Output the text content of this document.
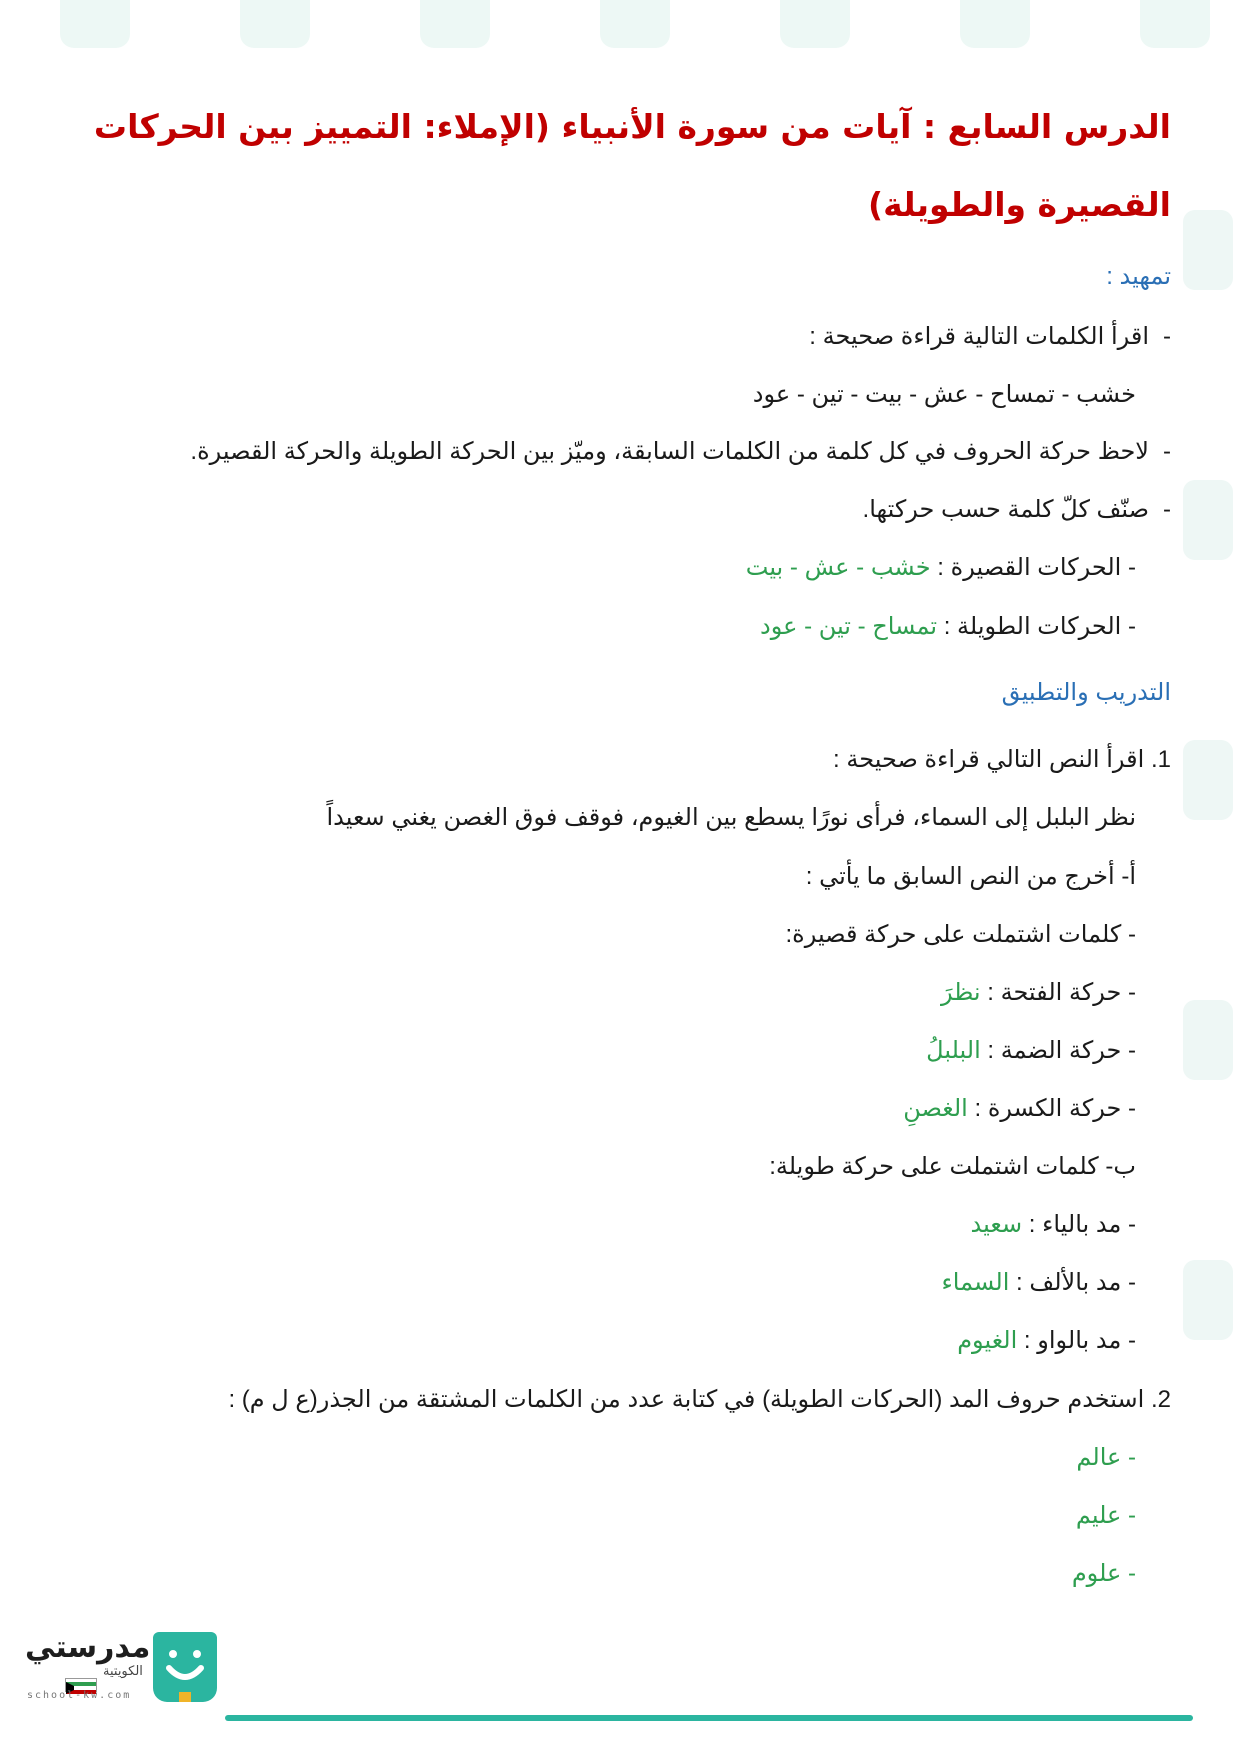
الدرس السابع : آيات من سورة الأنبياء (الإملاء: التمييز بين الحركات القصيرة والطويلة)
تمهيد :
-اقرأ الكلمات التالية قراءة صحيحة :
خشب - تمساح - عش - بيت - تين - عود
-لاحظ حركة الحروف في كل كلمة من الكلمات السابقة، وميّز بين الحركة الطويلة والحركة القصيرة.
-صنّف كلّ كلمة حسب حركتها.
- الحركات القصيرة : خشب - عش - بيت
- الحركات الطويلة : تمساح - تين - عود
التدريب والتطبيق
1. اقرأ النص التالي قراءة صحيحة :
نظر البلبل إلى السماء، فرأى نورًا يسطع بين الغيوم، فوقف فوق الغصن يغني سعيداً
أ- أخرج من النص السابق ما يأتي :
- كلمات اشتملت على حركة قصيرة:
- حركة الفتحة : نظرَ
- حركة الضمة : البلبلُ
- حركة الكسرة : الغصنِ
ب- كلمات اشتملت على حركة طويلة:
- مد بالياء : سعيد
- مد بالألف : السماء
- مد بالواو : الغيوم
2. استخدم حروف المد (الحركات الطويلة) في كتابة عدد من الكلمات المشتقة من الجذر(ع ل م) :
- عالم
- عليم
- علوم
مدرستي
الكويتية
school-kw.com
